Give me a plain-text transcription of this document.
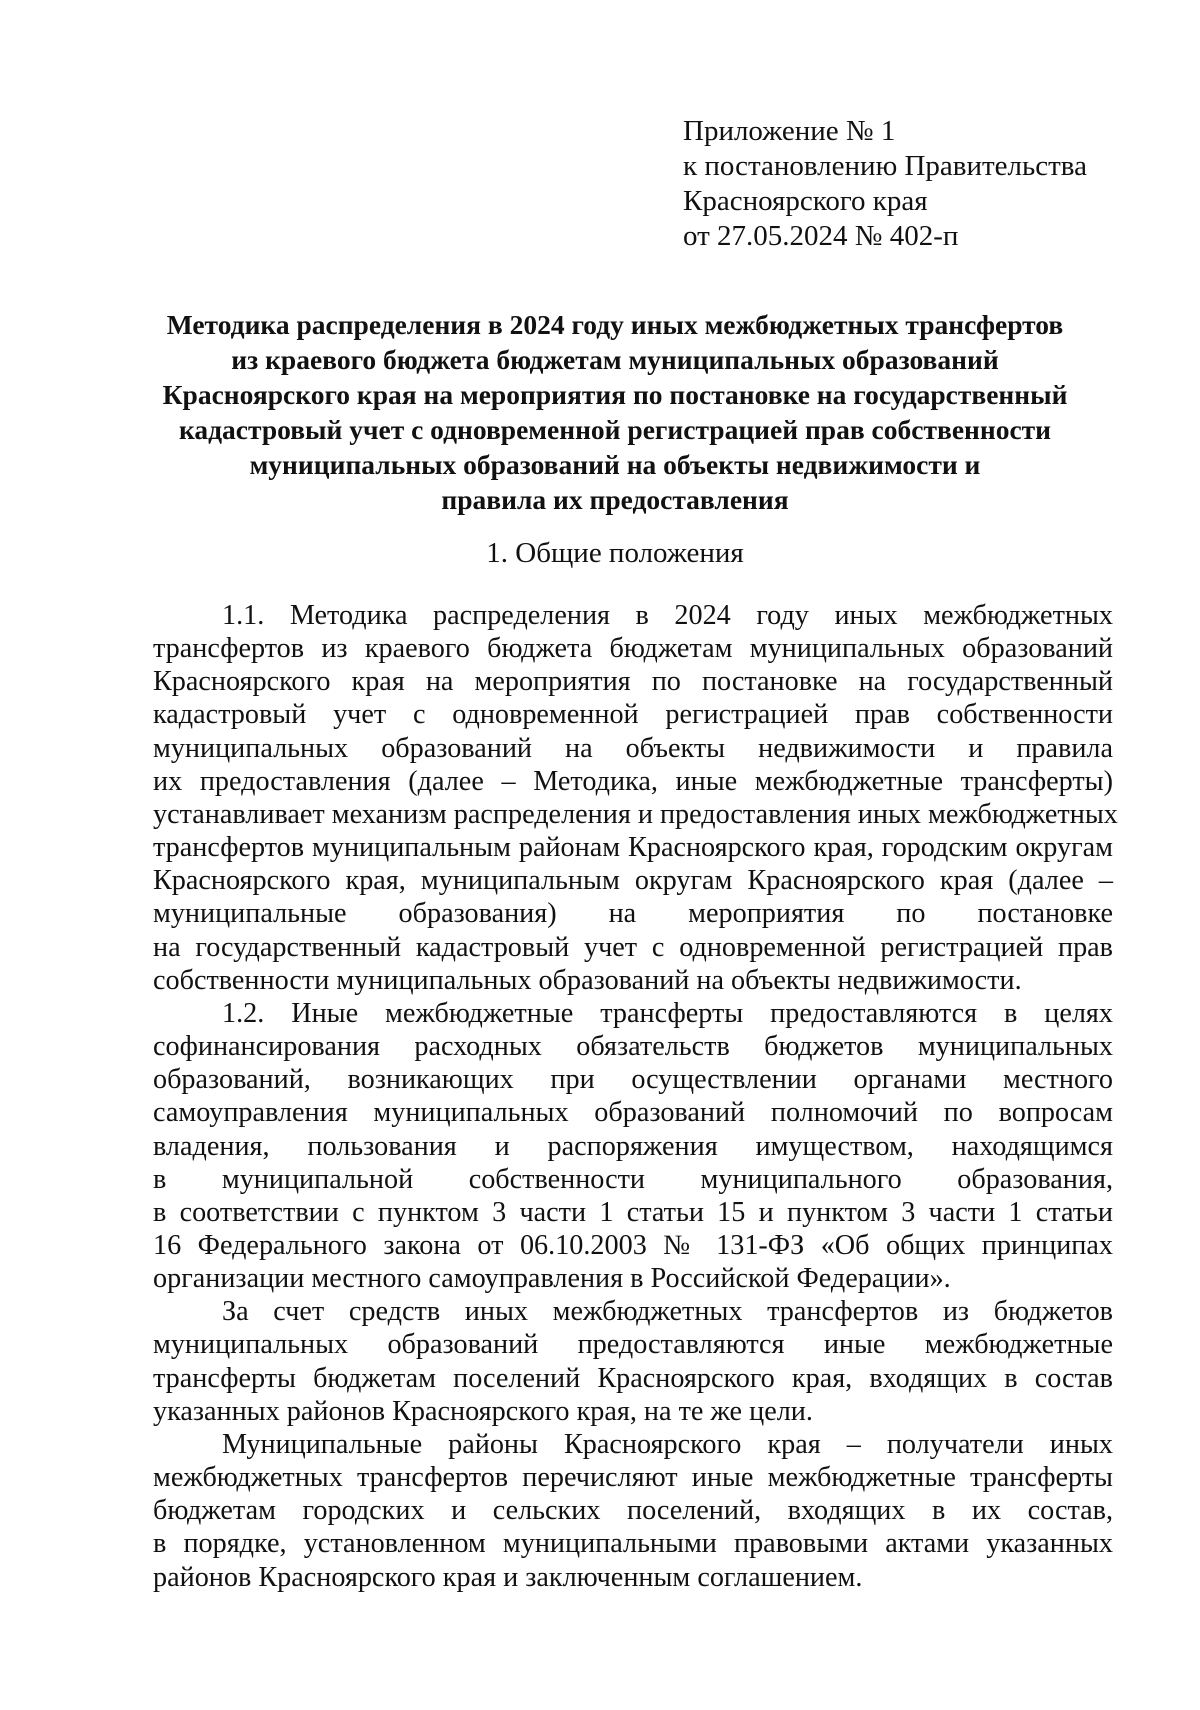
Приложение № 1
к постановлению Правительства
Красноярского края
от 27.05.2024 № 402-п
Методика распределения в 2024 году иных межбюджетных трансфертов
из краевого бюджета бюджетам муниципальных образований
Красноярского края на мероприятия по постановке на государственный
кадастровый учет с одновременной регистрацией прав собственности
муниципальных образований на объекты недвижимости и
правила их предоставления
1. Общие положения
1.1. Методика распределения в 2024 году иных межбюджетных
трансфертов из краевого бюджета бюджетам муниципальных образований
Красноярского края на мероприятия по постановке на государственный
кадастровый учет с одновременной регистрацией прав собственности
муниципальных образований на объекты недвижимости и правила
их предоставления (далее – Методика, иные межбюджетные трансферты)
устанавливает механизм распределения и предоставления иных межбюджетных
трансфертов муниципальным районам Красноярского края, городским округам
Красноярского края, муниципальным округам Красноярского края (далее –
муниципальные образования) на мероприятия по постановке
на государственный кадастровый учет с одновременной регистрацией прав
собственности муниципальных образований на объекты недвижимости.
1.2. Иные межбюджетные трансферты предоставляются в целях
софинансирования расходных обязательств бюджетов муниципальных
образований, возникающих при осуществлении органами местного
самоуправления муниципальных образований полномочий по вопросам
владения, пользования и распоряжения имуществом, находящимся
в муниципальной собственности муниципального образования,
в соответствии с пунктом 3 части 1 статьи 15 и пунктом 3 части 1 статьи
16 Федерального закона от 06.10.2003 № 131-ФЗ «Об общих принципах
организации местного самоуправления в Российской Федерации».
За счет средств иных межбюджетных трансфертов из бюджетов
муниципальных образований предоставляются иные межбюджетные
трансферты бюджетам поселений Красноярского края, входящих в состав
указанных районов Красноярского края, на те же цели.
Муниципальные районы Красноярского края – получатели иных
межбюджетных трансфертов перечисляют иные межбюджетные трансферты
бюджетам городских и сельских поселений, входящих в их состав,
в порядке, установленном муниципальными правовыми актами указанных
районов Красноярского края и заключенным соглашением.
